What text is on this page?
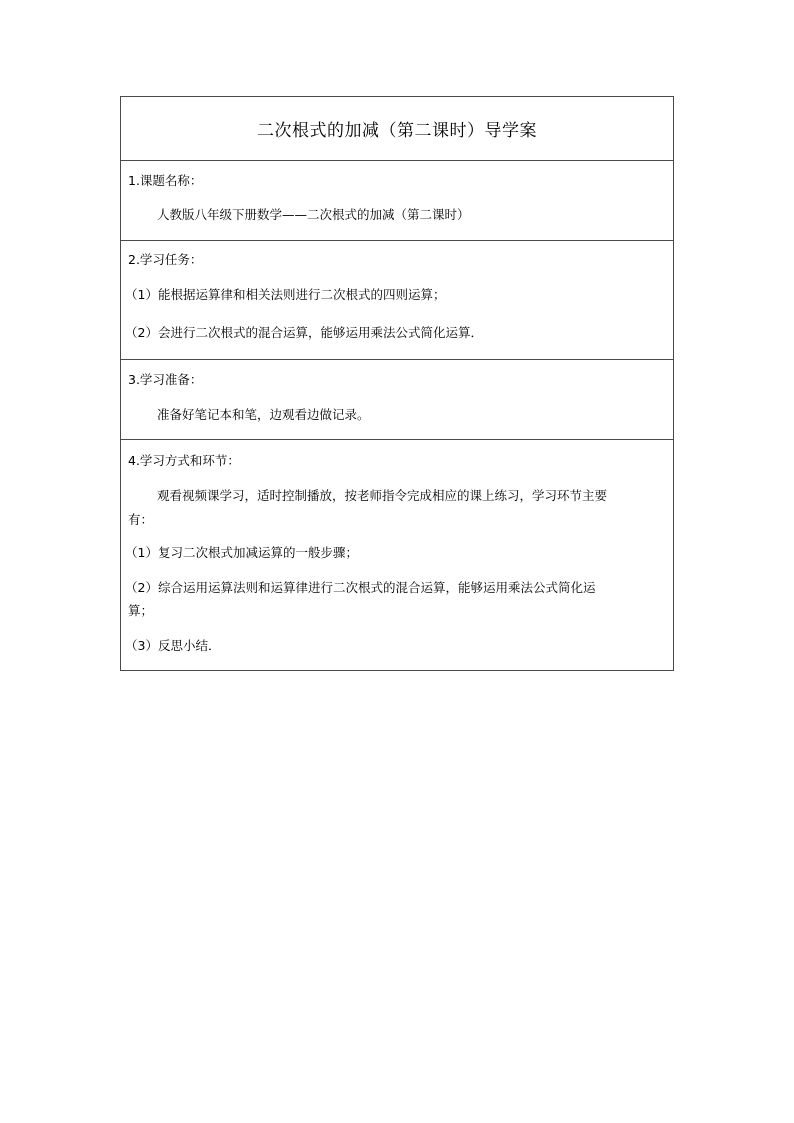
二次根式的加减（第二课时）导学案
1.课题名称：
人教版八年级下册数学——二次根式的加减（第二课时）
2.学习任务：
（1）能根据运算律和相关法则进行二次根式的四则运算；
（2）会进行二次根式的混合运算，能够运用乘法公式简化运算．
3.学习准备：
准备好笔记本和笔，边观看边做记录。
4.学习方式和环节：
观看视频课学习，适时控制播放，按老师指令完成相应的课上练习，学习环节主要
有：
（1）复习二次根式加减运算的一般步骤；
（2）综合运用运算法则和运算律进行二次根式的混合运算，能够运用乘法公式简化运
算；
（3）反思小结．
